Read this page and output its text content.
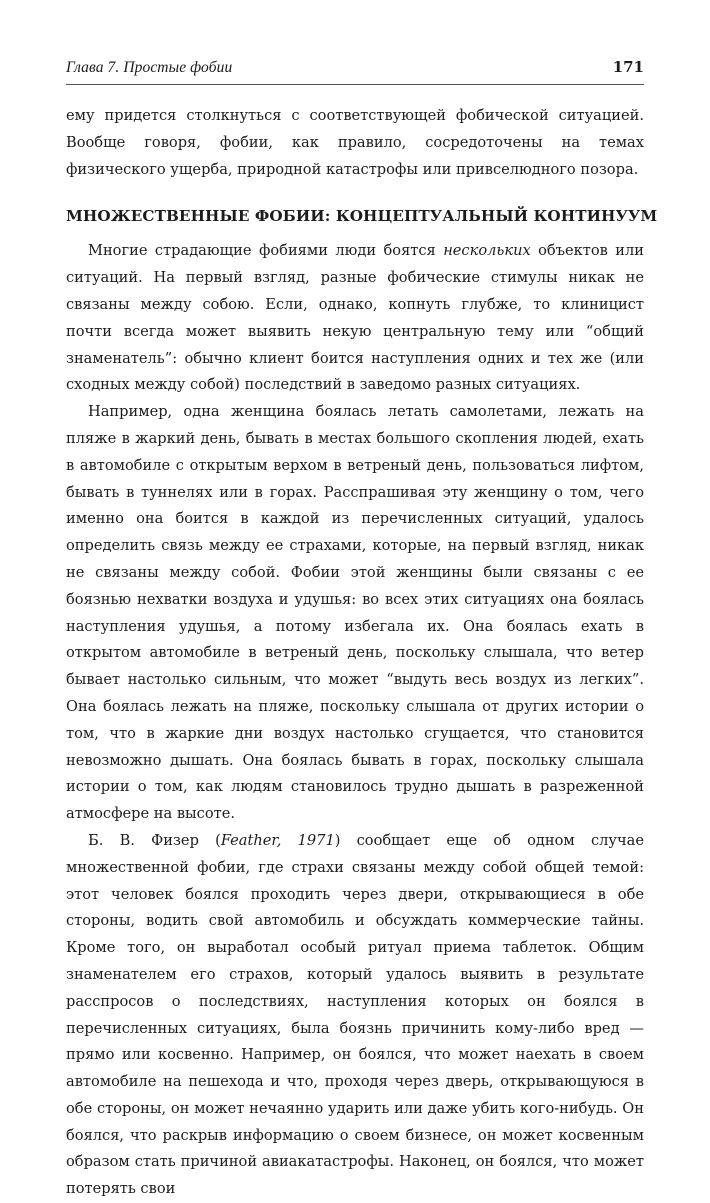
Глава 7. Простые фобии	171

ему придется столкнуться с соответствующей фобической ситуацией. Вообще говоря, фобии, как правило, сосредоточены на темах физического ущерба, природной катастрофы или привселюдного позора.

МНОЖЕСТВЕННЫЕ ФОБИИ: КОНЦЕПТУАЛЬНЫЙ КОНТИНУУМ

Многие страдающие фобиями люди боятся нескольких объектов или ситуаций. На первый взгляд, разные фобические стимулы никак не связаны между собою. Если, однако, копнуть глубже, то клиницист почти всегда может выявить некую центральную тему или “общий знаменатель”: обычно клиент боится наступления одних и тех же (или сходных между собой) последствий в заведомо разных ситуациях.

Например, одна женщина боялась летать самолетами, лежать на пляже в жаркий день, бывать в местах большого скопления людей, ехать в автомобиле с открытым верхом в ветреный день, пользоваться лифтом, бывать в туннелях или в горах. Расспрашивая эту женщину о том, чего именно она боится в каждой из перечисленных ситуаций, удалось определить связь между ее страхами, которые, на первый взгляд, никак не связаны между собой. Фобии этой женщины были связаны с ее боязнью нехватки воздуха и удушья: во всех этих ситуациях она боялась наступления удушья, а потому избегала их. Она боялась ехать в открытом автомобиле в ветреный день, поскольку слышала, что ветер бывает настолько сильным, что может “выдуть весь воздух из легких”. Она боялась лежать на пляже, поскольку слышала от других истории о том, что в жаркие дни воздух настолько сгущается, что становится невозможно дышать. Она боялась бывать в горах, поскольку слышала истории о том, как людям становилось трудно дышать в разреженной атмосфере на высоте.

Б. В. Физер (Feather, 1971) сообщает еще об одном случае множественной фобии, где страхи связаны между собой общей темой: этот человек боялся проходить через двери, открывающиеся в обе стороны, водить свой автомобиль и обсуждать коммерческие тайны. Кроме того, он выработал особый ритуал приема таблеток. Общим знаменателем его страхов, который удалось выявить в результате расспросов о последствиях, наступления которых он боялся в перечисленных ситуациях, была боязнь причинить кому-либо вред — прямо или косвенно. Например, он боялся, что может наехать в своем автомобиле на пешехода и что, проходя через дверь, открывающуюся в обе стороны, он может нечаянно ударить или даже убить кого-нибудь. Он боялся, что раскрыв информацию о своем бизнесе, он может косвенным образом стать причиной авиакатастрофы. Наконец, он боялся, что может потерять свои
